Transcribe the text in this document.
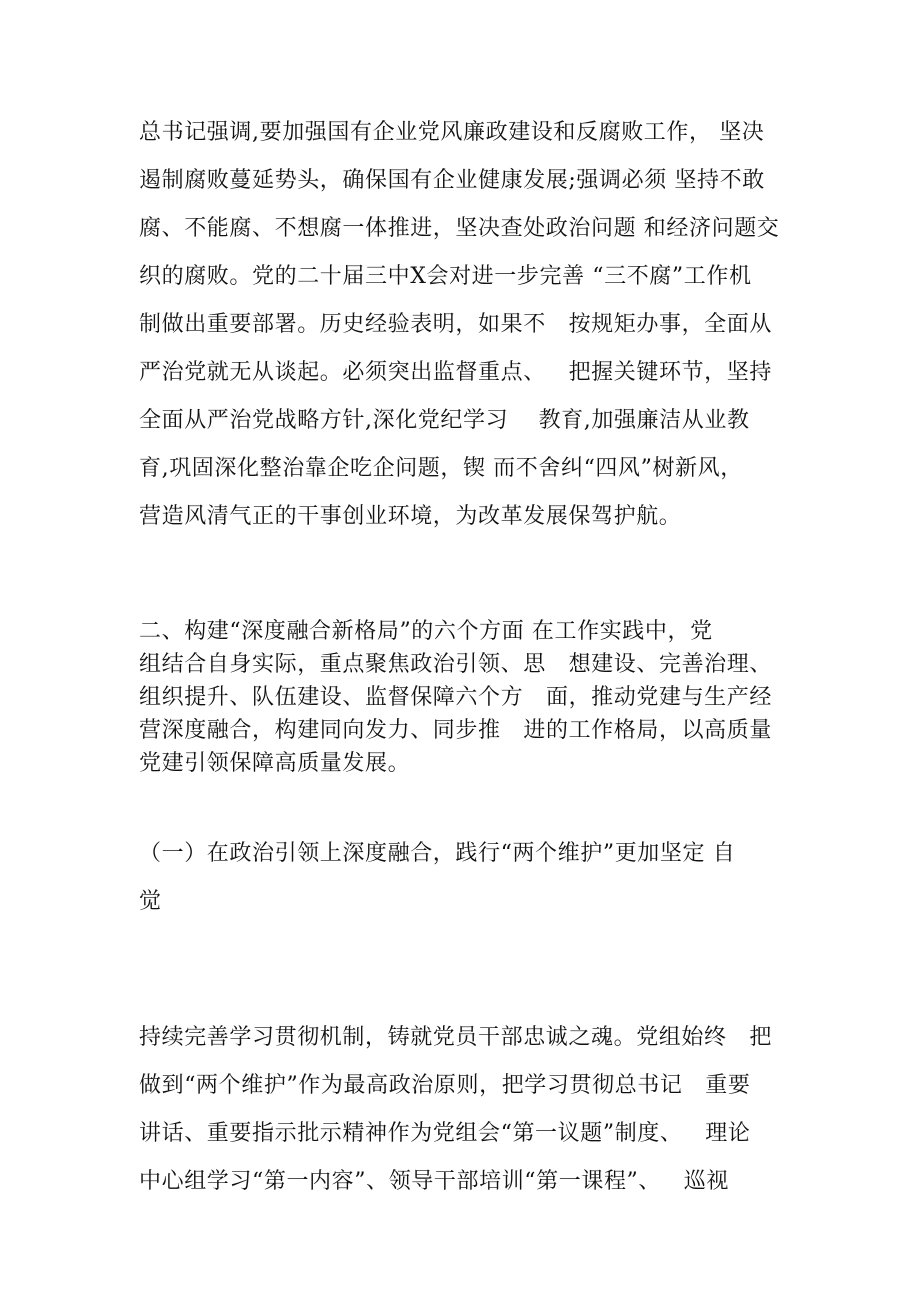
总书记强调,要加强国有企业党风廉政建设和反腐败工作， 坚决
遏制腐败蔓延势头，确保国有企业健康发展;强调必须 坚持不敢
腐、不能腐、不想腐一体推进，坚决查处政治问题 和经济问题交
织的腐败。党的二十届三中X会对进一步完善 “三不腐”工作机
制做出重要部署。历史经验表明，如果不   按规矩办事，全面从
严治党就无从谈起。必须突出监督重点、   把握关键环节，坚持
全面从严治党战略方针,深化党纪学习    教育,加强廉洁从业教
育,巩固深化整治靠企吃企问题，锲 而不舍纠“四风”树新风，
营造风清气正的干事创业环境，为改革发展保驾护航。
二、构建“深度融合新格局”的六个方面 在工作实践中，党
组结合自身实际，重点聚焦政治引领、思   想建设、完善治理、
组织提升、队伍建设、监督保障六个方   面，推动党建与生产经
营深度融合，构建同向发力、同步推   进的工作格局，以高质量
党建引领保障高质量发展。
（一）在政治引领上深度融合，践行“两个维护”更加坚定 自
觉
持续完善学习贯彻机制，铸就党员干部忠诚之魂。党组始终   把
做到“两个维护”作为最高政治原则，把学习贯彻总书记   重要
讲话、重要指示批示精神作为党组会“第一议题”制度、   理论
中心组学习“第一内容”、领导干部培训“第一课程”、   巡视
